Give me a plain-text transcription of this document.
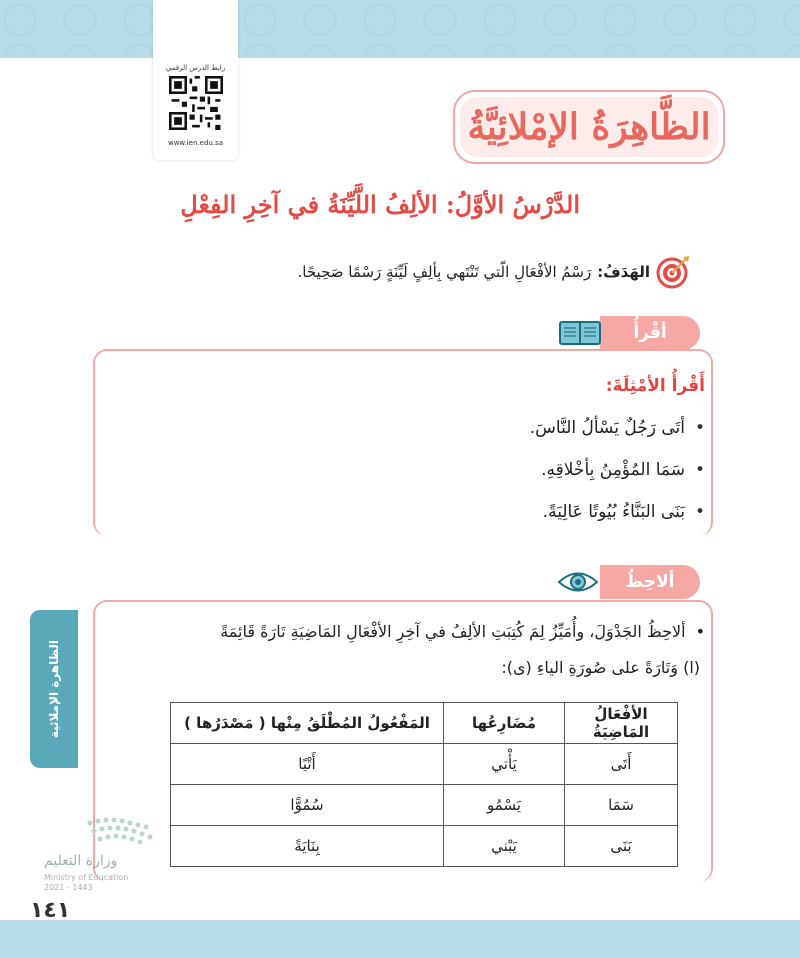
رابط الدرس الرقمي
www.ien.edu.sa	الظَّاهِرَةُ الإمْلائِيَّةُ
الدَّرْسُ الأوَّلُ: الألِفُ اللَّيِّنَةُ في آخِرِ الفِعْلِ
الهَدَفُ:
رَسْمُ الأفْعَالِ الّتي تَنْتَهي بِألِفٍ لَيِّنَةٍ رَسْمًا صَحِيحًا.
أقْرأُ
أَقْرأُ الأمْثِلَةَ:
• أتَى رَجُلٌ يَسْألُ النَّاسَ.
• سَمَا المُؤْمِنُ بِأخْلاقِهِ.
• بَنَى البَنَّاءُ بُيُوتًا عَالِيَةً.
ألاحِظُ
•ألاحِظُ الجَدْوَلَ، وأُمَيِّزُ لِمَ كُتِبَتِ الألِفُ في آخِرِ الأفْعَالِ المَاضِيَةِ تَارَةً قَائِمَةً
(ا) وَتَارَةً على صُورَةِ الياءِ (ى):
الأفْعَالُ المَاضِيَةُ	مُضَارِعُها	المَفْعُولُ المُطْلَقُ مِنْها ( مَصْدَرُها )
أَتَى	يَأْتي	أَتْيًا
سَمَا	يَسْمُو	سُمُوًّا
بَنَى	يَبْني	بِنَايَةً
الظاهرة الإملائية
وزارة التعليم
Ministry of Education
2021 - 1443
١٤١
